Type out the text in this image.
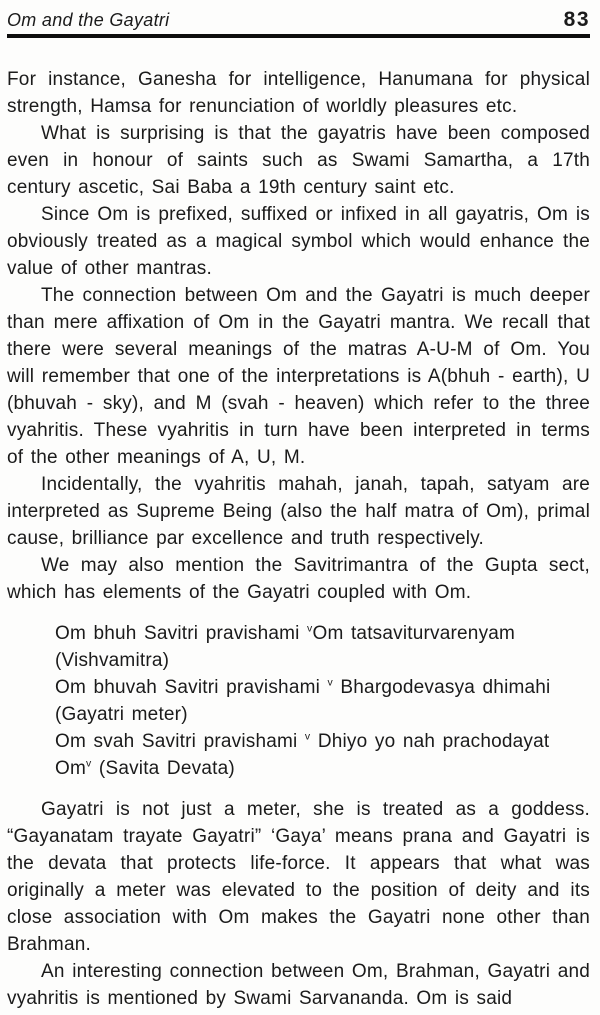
Om and the Gayatri	83

For instance, Ganesha for intelligence, Hanumana for physical strength, Hamsa for renunciation of worldly pleasures etc.

What is surprising is that the gayatris have been composed even in honour of saints such as Swami Samartha, a 17th century ascetic, Sai Baba a 19th century saint etc.

Since Om is prefixed, suffixed or infixed in all gayatris, Om is obviously treated as a magical symbol which would enhance the value of other mantras.

The connection between Om and the Gayatri is much deeper than mere affixation of Om in the Gayatri mantra. We recall that there were several meanings of the matras A-U-M of Om. You will remember that one of the interpretations is A(bhuh - earth), U (bhuvah - sky), and M (svah - heaven) which refer to the three vyahritis. These vyahritis in turn have been interpreted in terms of the other meanings of A, U, M.

Incidentally, the vyahritis mahah, janah, tapah, satyam are interpreted as Supreme Being (also the half matra of Om), primal cause, brilliance par excellence and truth respectively.

We may also mention the Savitrimantra of the Gupta sect, which has elements of the Gayatri coupled with Om.

Om bhuh Savitri pravishami $^v$Om tatsaviturvarenyam
(Vishvamitra)
Om bhuvah Savitri pravishami $^v$ Bhargodevasya dhimahi
(Gayatri meter)
Om svah Savitri pravishami $^v$ Dhiyo yo nah prachodayat
Om$^v$ (Savita Devata)

Gayatri is not just a meter, she is treated as a goddess. “Gayanatam trayate Gayatri” ‘Gaya’ means prana and Gayatri is the devata that protects life-force. It appears that what was originally a meter was elevated to the position of deity and its close association with Om makes the Gayatri none other than Brahman.

An interesting connection between Om, Brahman, Gayatri and vyahritis is mentioned by Swami Sarvananda. Om is said
